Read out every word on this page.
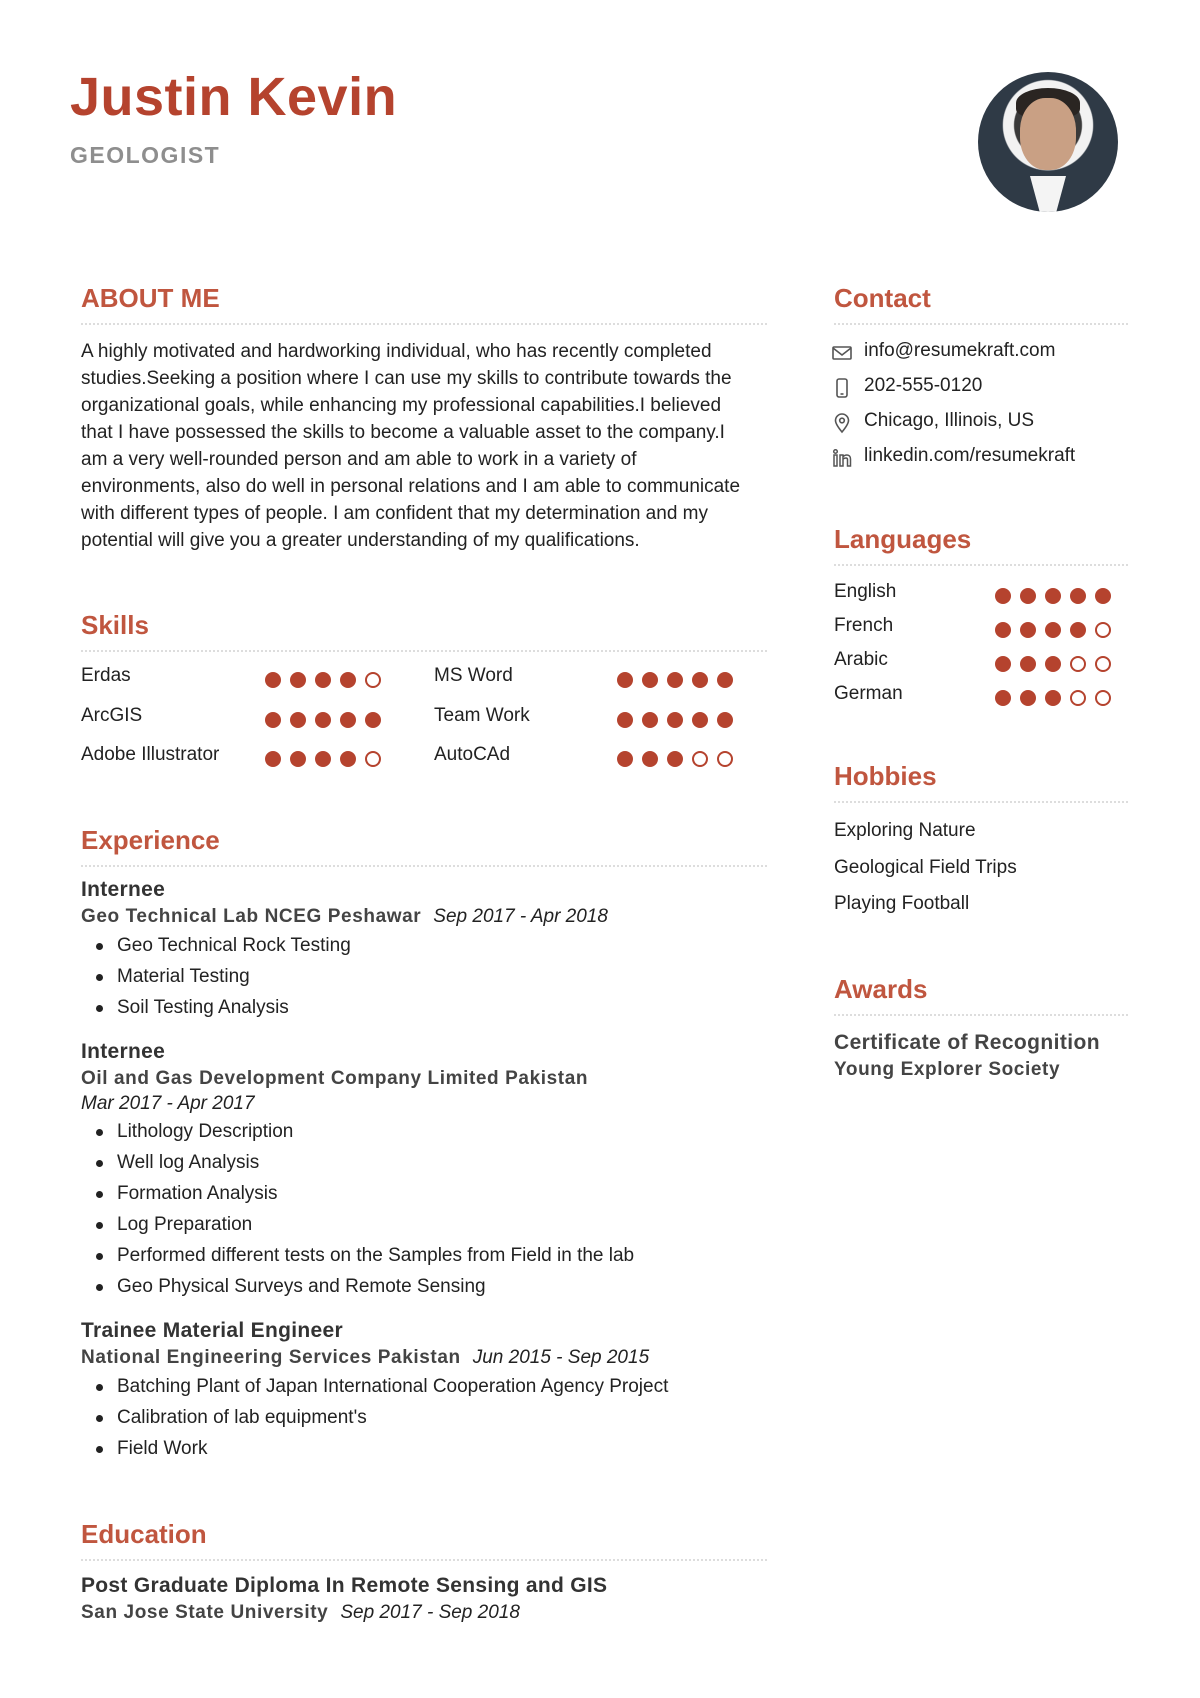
Justin Kevin
GEOLOGIST
ABOUT ME
A highly motivated and hardworking individual, who has recently completed
studies.Seeking a position where I can use my skills to contribute towards the
organizational goals, while enhancing my professional capabilities.I believed
that I have possessed the skills to become a valuable asset to the company.I
am a very well-rounded person and am able to work in a variety of
environments, also do well in personal relations and I am able to communicate
with different types of people. I am confident that my determination and my
potential will give you a greater understanding of my qualifications.
Skills
Erdas	MS Word
ArcGIS	Team Work
Adobe Illustrator	AutoCAd
Experience
Internee
Geo Technical Lab NCEG Peshawar Sep 2017 - Apr 2018
Geo Technical Rock Testing
Material Testing
Soil Testing Analysis
Internee
Oil and Gas Development Company Limited Pakistan
Mar 2017 - Apr 2017
Lithology Description
Well log Analysis
Formation Analysis
Log Preparation
Performed different tests on the Samples from Field in the lab
Geo Physical Surveys and Remote Sensing
Trainee Material Engineer
National Engineering Services Pakistan Jun 2015 - Sep 2015
Batching Plant of Japan International Cooperation Agency Project
Calibration of lab equipment's
Field Work
Education
Post Graduate Diploma In Remote Sensing and GIS
San Jose State University Sep 2017 - Sep 2018
Contact
info@resumekraft.com
202-555-0120
Chicago, Illinois, US
linkedin.com/resumekraft
Languages
English
French
Arabic
German
Hobbies
Exploring Nature
Geological Field Trips
Playing Football
Awards
Certificate of Recognition
Young Explorer Society
